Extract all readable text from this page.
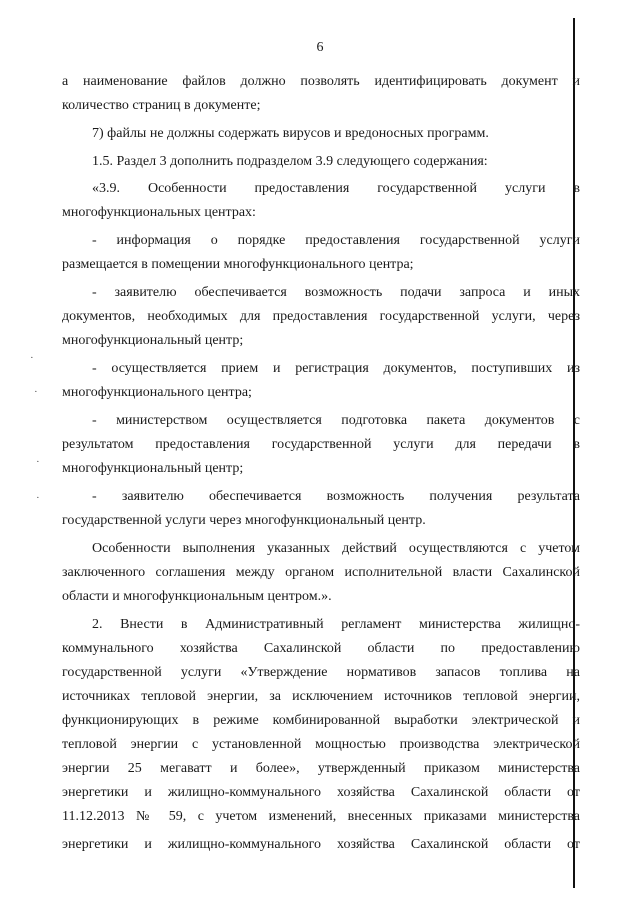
6
·
·
·
·
а наименование файлов должно позволять идентифицировать документ и
количество страниц в документе;
7) файлы не должны содержать вирусов и вредоносных программ.
1.5. Раздел 3 дополнить подразделом 3.9 следующего содержания:
«3.9. Особенности предоставления государственной услуги в
многофункциональных центрах:
- информация о порядке предоставления государственной услуги
размещается в помещении многофункционального центра;
- заявителю обеспечивается возможность подачи запроса и иных
документов, необходимых для предоставления государственной услуги, через
многофункциональный центр;
- осуществляется прием и регистрация документов, поступивших из
многофункционального центра;
- министерством осуществляется подготовка пакета документов с
результатом предоставления государственной услуги для передачи в
многофункциональный центр;
- заявителю обеспечивается возможность получения результата
государственной услуги через многофункциональный центр.
Особенности выполнения указанных действий осуществляются с учетом
заключенного соглашения между органом исполнительной власти Сахалинской
области и многофункциональным центром.».
2. Внести в Административный регламент министерства жилищно-
коммунального хозяйства Сахалинской области по предоставлению
государственной услуги «Утверждение нормативов запасов топлива на
источниках тепловой энергии, за исключением источников тепловой энергии,
функционирующих в режиме комбинированной выработки электрической и
тепловой энергии с установленной мощностью производства электрической
энергии 25 мегаватт и более», утвержденный приказом министерства
энергетики и жилищно-коммунального хозяйства Сахалинской области от
11.12.2013 № 59, с учетом изменений, внесенных приказами министерства
энергетики и жилищно-коммунального хозяйства Сахалинской области от
